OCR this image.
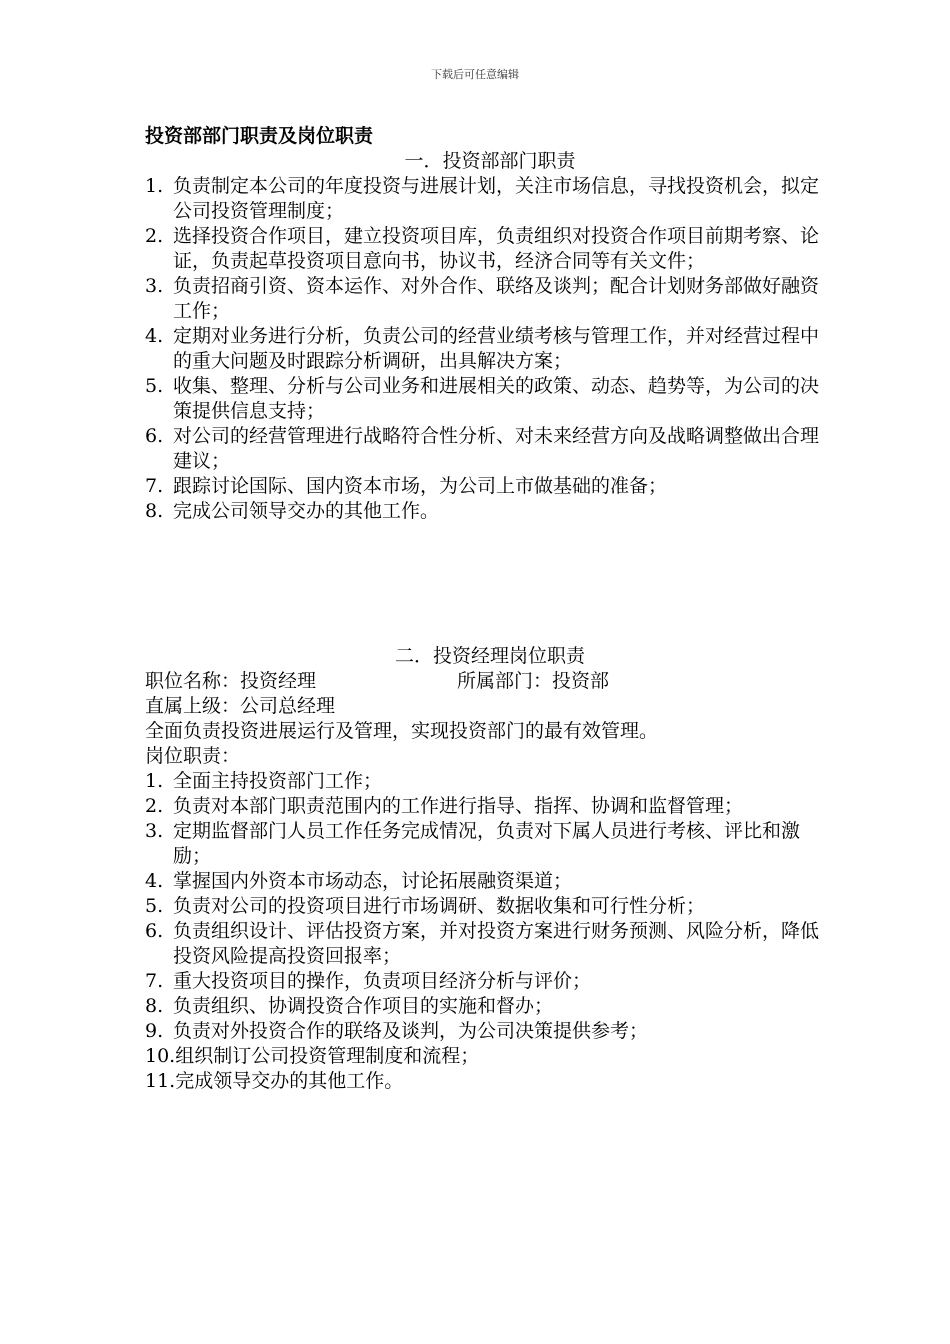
下载后可任意编辑
投资部部门职责及岗位职责
一．投资部部门职责
1. 负责制定本公司的年度投资与进展计划，关注市场信息，寻找投资机会，拟定公司投资管理制度；
2. 选择投资合作项目，建立投资项目库，负责组织对投资合作项目前期考察、论证，负责起草投资项目意向书，协议书，经济合同等有关文件；
3. 负责招商引资、资本运作、对外合作、联络及谈判；配合计划财务部做好融资工作；
4. 定期对业务进行分析，负责公司的经营业绩考核与管理工作，并对经营过程中的重大问题及时跟踪分析调研，出具解决方案；
5. 收集、整理、分析与公司业务和进展相关的政策、动态、趋势等，为公司的决策提供信息支持；
6. 对公司的经营管理进行战略符合性分析、对未来经营方向及战略调整做出合理建议；
7. 跟踪讨论国际、国内资本市场，为公司上市做基础的准备；
8. 完成公司领导交办的其他工作。
二．投资经理岗位职责
职位名称：投资经理	所属部门：投资部

直属上级：公司总经理

全面负责投资进展运行及管理，实现投资部门的最有效管理。

岗位职责：

1. 全面主持投资部门工作；
2. 负责对本部门职责范围内的工作进行指导、指挥、协调和监督管理；
3. 定期监督部门人员工作任务完成情况，负责对下属人员进行考核、评比和激励；
4. 掌握国内外资本市场动态，讨论拓展融资渠道；
5. 负责对公司的投资项目进行市场调研、数据收集和可行性分析；
6. 负责组织设计、评估投资方案，并对投资方案进行财务预测、风险分析，降低投资风险提高投资回报率；
7. 重大投资项目的操作，负责项目经济分析与评价；
8. 负责组织、协调投资合作项目的实施和督办；
9. 负责对外投资合作的联络及谈判，为公司决策提供参考；
10. 组织制订公司投资管理制度和流程；
11. 完成领导交办的其他工作。
